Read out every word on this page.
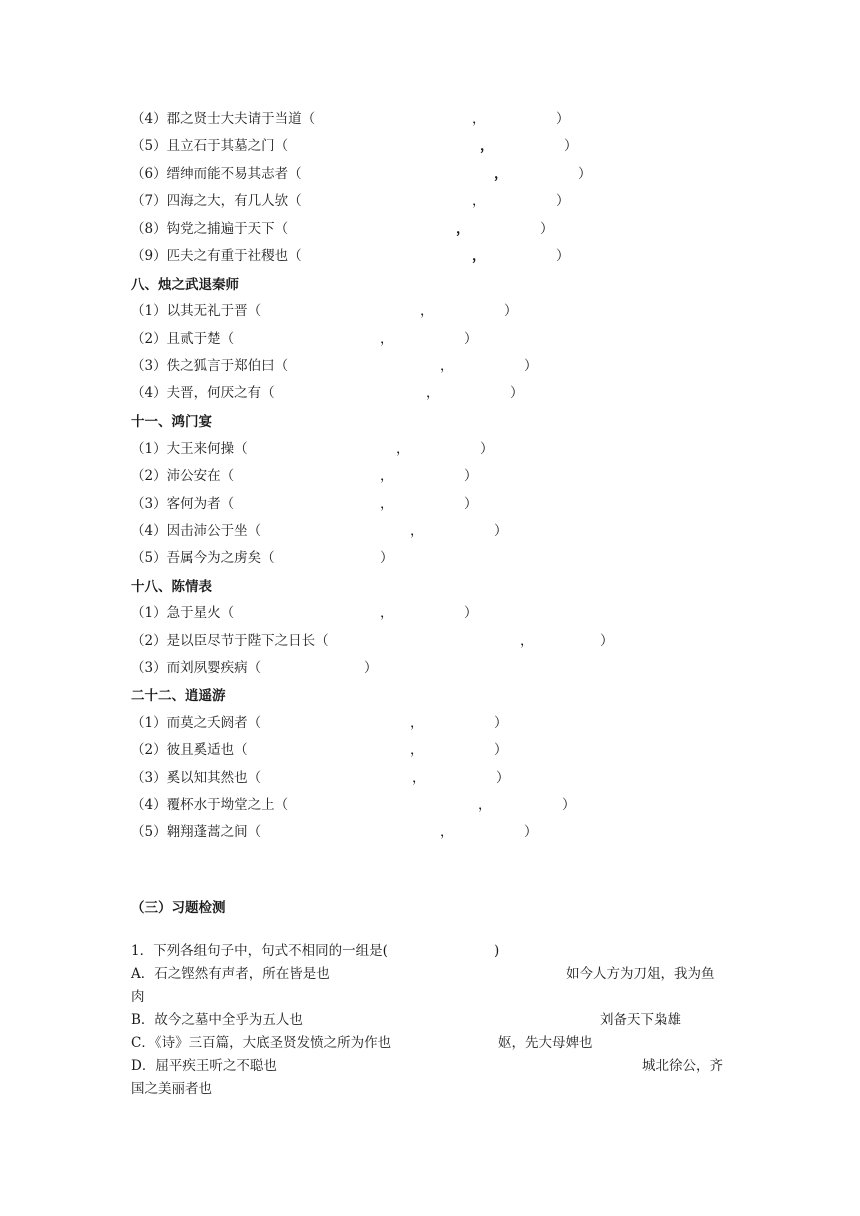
（4）郡之贤士大夫请于当道（	，	）
（5）且立石于其墓之门（	，	）
（6）缙绅而能不易其志者（	，	）
（7）四海之大，有几人欤（	，	）
（8）钩党之捕遍于天下（	，	）
（9）匹夫之有重于社稷也（	，	）
八、烛之武退秦师
（1）以其无礼于晋（	，	）
（2）且贰于楚（	，	）
（3）佚之狐言于郑伯曰（	，	）
（4）夫晋，何厌之有（	，	）
十一、鸿门宴
（1）大王来何操（	，	）
（2）沛公安在（	，	）
（3）客何为者（	，	）
（4）因击沛公于坐（	，	）
（5）吾属今为之虏矣（	）
十八、陈情表
（1）急于星火（	，	）
（2）是以臣尽节于陛下之日长（	，	）
（3）而刘夙婴疾病（	）
二十二、逍遥游
（1）而莫之夭阏者（	，	）
（2）彼且奚适也（	，	）
（3）奚以知其然也（	，	）
（4）覆杯水于坳堂之上（	，	）
（5）翱翔蓬蒿之间（	，	）
（三）习题检测
1．下列各组句子中，句式不相同的一组是(	)
A．石之铿然有声者，所在皆是也	如今人方为刀俎，我为鱼
肉
B．故今之墓中全乎为五人也	刘备天下枭雄
C．《诗》三百篇，大底圣贤发愤之所为作也	妪，先大母婢也
D．屈平疾王听之不聪也	城北徐公，齐
国之美丽者也
